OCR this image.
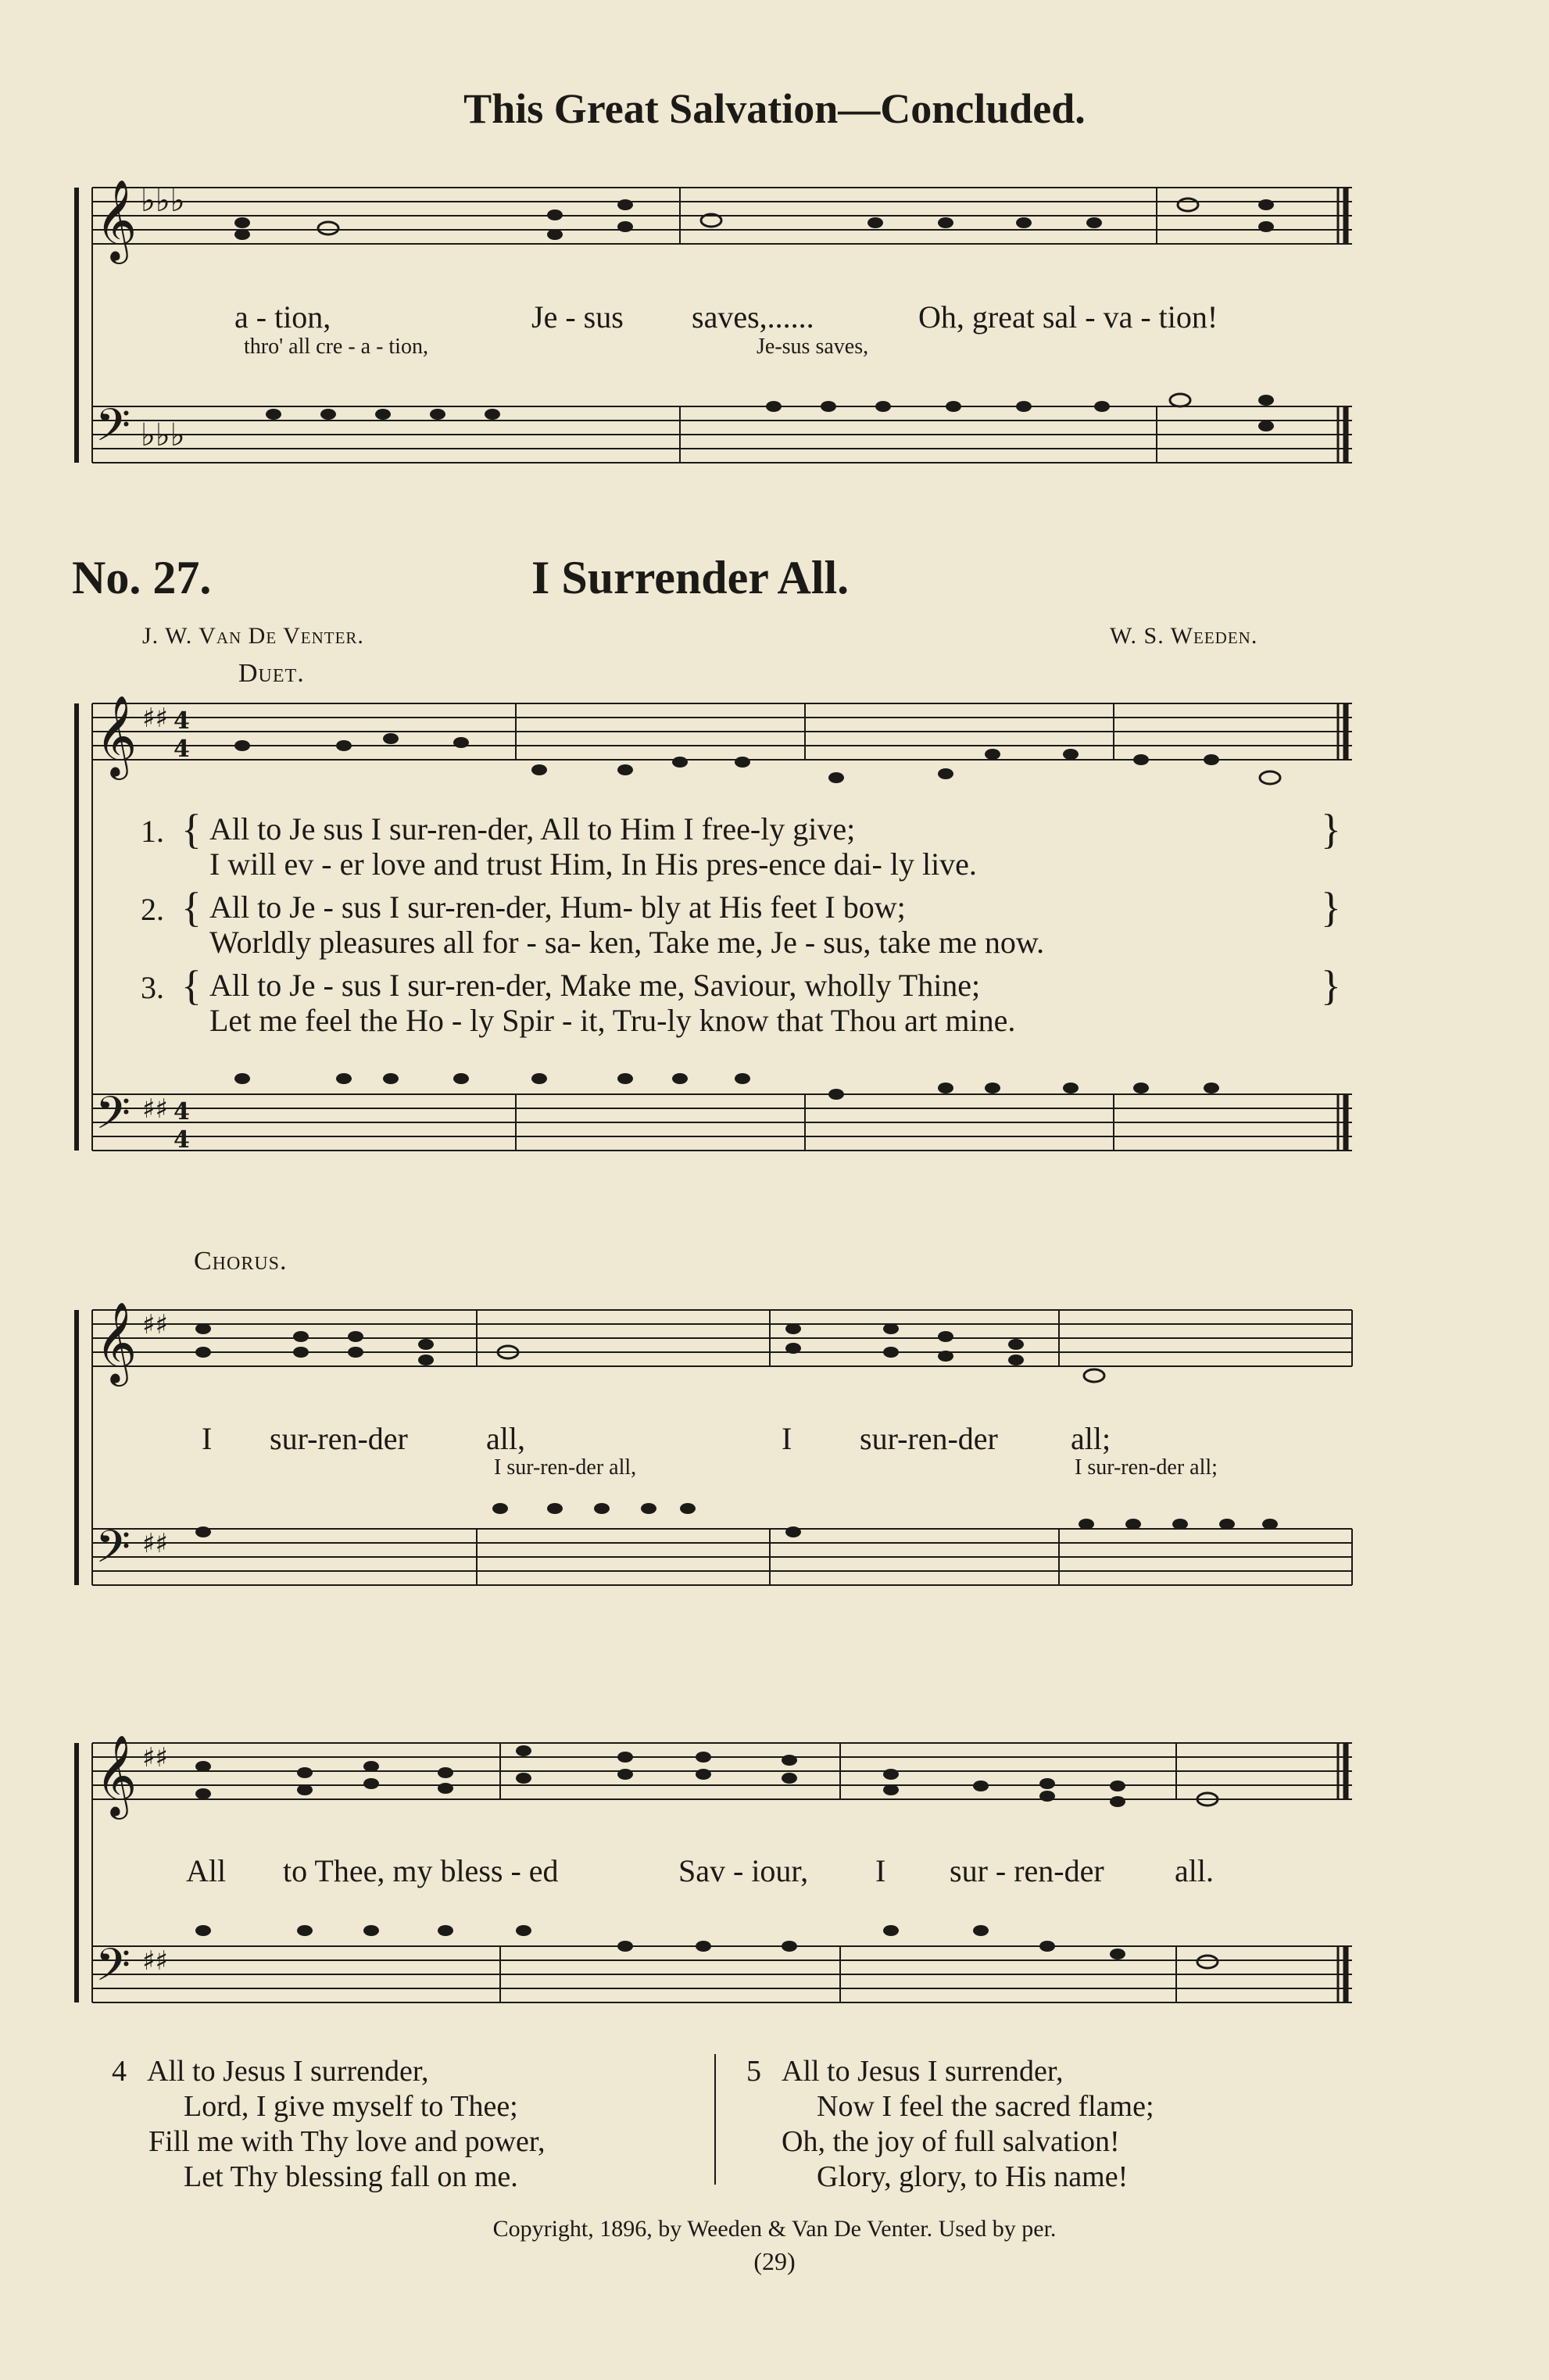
This Great Salvation—Concluded.
𝄞
𝄢
♭♭♭
♭♭♭
𝄞
𝄢
♯♯
♯♯
4
4
4
4
𝄞
𝄢
♯♯
♯♯
𝄞
𝄢
♯♯
♯♯
a - tion,	Je - sus saves,......	Oh, great sal - va - tion!
thro' all cre - a - tion,	Je-sus saves,
No. 27.	I Surrender All.
J. W. Van De Venter.	W. S. Weeden.
Duet.
1. { All to Je sus I sur-ren-der, All to Him I free-ly give;
I will ev - er love and trust Him, In His pres-ence dai- ly live.
}
2. { All to Je - sus I sur-ren-der, Hum- bly at His feet I bow;
Worldly pleasures all for - sa- ken, Take me, Je - sus, take me now.
}
3. { All to Je - sus I sur-ren-der, Make me, Saviour, wholly Thine;
Let me feel the Ho - ly Spir - it, Tru-ly know that Thou art mine.
}
Chorus.
I sur-ren-der	all,	I sur-ren-der all;
I sur-ren-der all,	I sur-ren-der all;
All to Thee, my bless - ed	Sav - iour, I sur - ren-der all.
4 All to Jesus I surrender,
Lord, I give myself to Thee;
Fill me with Thy love and power,
Let Thy blessing fall on me.
5 All to Jesus I surrender,
Now I feel the sacred flame;
Oh, the joy of full salvation!
Glory, glory, to His name!
Copyright, 1896, by Weeden & Van De Venter. Used by per.
(29)
